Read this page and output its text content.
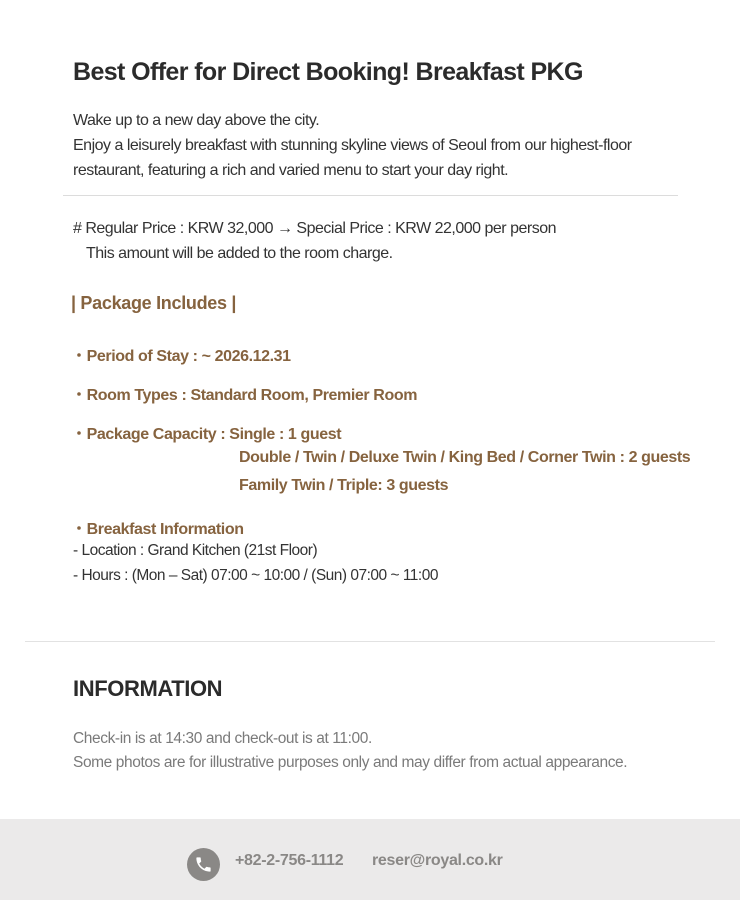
Best Offer for Direct Booking! Breakfast PKG
Wake up to a new day above the city.
Enjoy a leisurely breakfast with stunning skyline views of Seoul from our highest-floor
restaurant, featuring a rich and varied menu to start your day right.
# Regular Price : KRW 32,000 → Special Price : KRW 22,000 per person
This amount will be added to the room charge.
| Package Includes |
・Period of Stay : ~ 2026.12.31
・Room Types : Standard Room, Premier Room
・Package Capacity : Single : 1 guest
Double / Twin / Deluxe Twin / King Bed / Corner Twin : 2 guests
Family Twin / Triple: 3 guests
・Breakfast Information
- Location : Grand Kitchen (21st Floor)
- Hours : (Mon – Sat) 07:00 ~ 10:00 / (Sun) 07:00 ~ 11:00
INFORMATION
Check-in is at 14:30 and check-out is at 11:00.
Some photos are for illustrative purposes only and may differ from actual appearance.
+82-2-756-1112 reser@royal.co.kr
